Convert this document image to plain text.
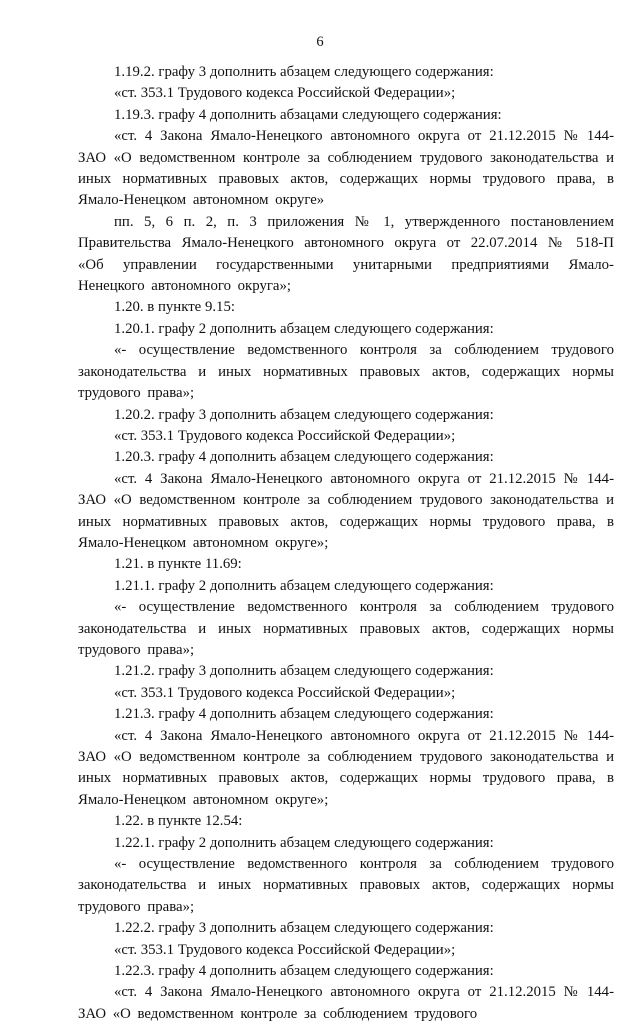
6

1.19.2. графу 3 дополнить абзацем следующего содержания:

«ст. 353.1 Трудового кодекса Российской Федерации»;

1.19.3. графу 4 дополнить абзацами следующего содержания:

«ст. 4 Закона Ямало-Ненецкого автономного округа от 21.12.2015 № 144-ЗАО «О ведомственном контроле за соблюдением трудового законодательства и иных нормативных правовых актов, содержащих нормы трудового права, в Ямало-Ненецком автономном округе»

пп. 5, 6 п. 2, п. 3 приложения № 1, утвержденного постановлением Правительства Ямало-Ненецкого автономного округа от 22.07.2014 № 518-П «Об управлении государственными унитарными предприятиями Ямало-Ненецкого автономного округа»;

1.20. в пункте 9.15:

1.20.1. графу 2 дополнить абзацем следующего содержания:

«- осуществление ведомственного контроля за соблюдением трудового законодательства и иных нормативных правовых актов, содержащих нормы трудового права»;

1.20.2. графу 3 дополнить абзацем следующего содержания:

«ст. 353.1 Трудового кодекса Российской Федерации»;

1.20.3. графу 4 дополнить абзацем следующего содержания:

«ст. 4 Закона Ямало-Ненецкого автономного округа от 21.12.2015 № 144-ЗАО «О ведомственном контроле за соблюдением трудового законодательства и иных нормативных правовых актов, содержащих нормы трудового права, в Ямало-Ненецком автономном округе»;

1.21. в пункте 11.69:

1.21.1. графу 2 дополнить абзацем следующего содержания:

«- осуществление ведомственного контроля за соблюдением трудового законодательства и иных нормативных правовых актов, содержащих нормы трудового права»;

1.21.2. графу 3 дополнить абзацем следующего содержания:

«ст. 353.1 Трудового кодекса Российской Федерации»;

1.21.3. графу 4 дополнить абзацем следующего содержания:

«ст. 4 Закона Ямало-Ненецкого автономного округа от 21.12.2015 № 144-ЗАО «О ведомственном контроле за соблюдением трудового законодательства и иных нормативных правовых актов, содержащих нормы трудового права, в Ямало-Ненецком автономном округе»;

1.22. в пункте 12.54:

1.22.1. графу 2 дополнить абзацем следующего содержания:

«- осуществление ведомственного контроля за соблюдением трудового законодательства и иных нормативных правовых актов, содержащих нормы трудового права»;

1.22.2. графу 3 дополнить абзацем следующего содержания:

«ст. 353.1 Трудового кодекса Российской Федерации»;

1.22.3. графу 4 дополнить абзацем следующего содержания:

«ст. 4 Закона Ямало-Ненецкого автономного округа от 21.12.2015 № 144-ЗАО «О ведомственном контроле за соблюдением трудового
